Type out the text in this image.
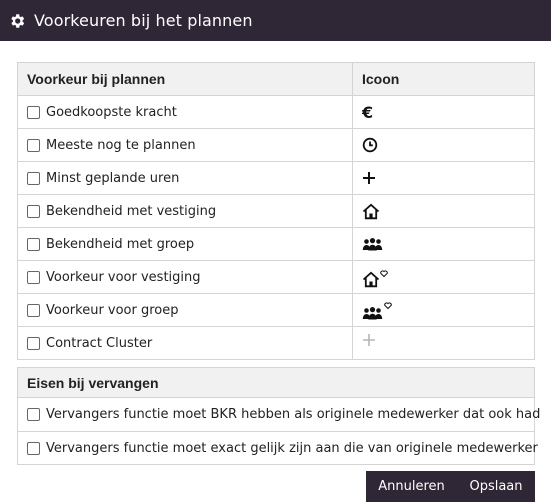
Voorkeuren bij het plannen
Voorkeur bij plannen	Icoon

Goedkoopste kracht	€

Meeste nog te plannen

Minst geplande uren

Bekendheid met vestiging

Bekendheid met groep

Voorkeur voor vestiging

Voorkeur voor groep

Contract Cluster

Eisen bij vervangen
Vervangers functie moet BKR hebben als originele medewerker dat ook had
Vervangers functie moet exact gelijk zijn aan die van originele medewerker
Annuleren	Opslaan
